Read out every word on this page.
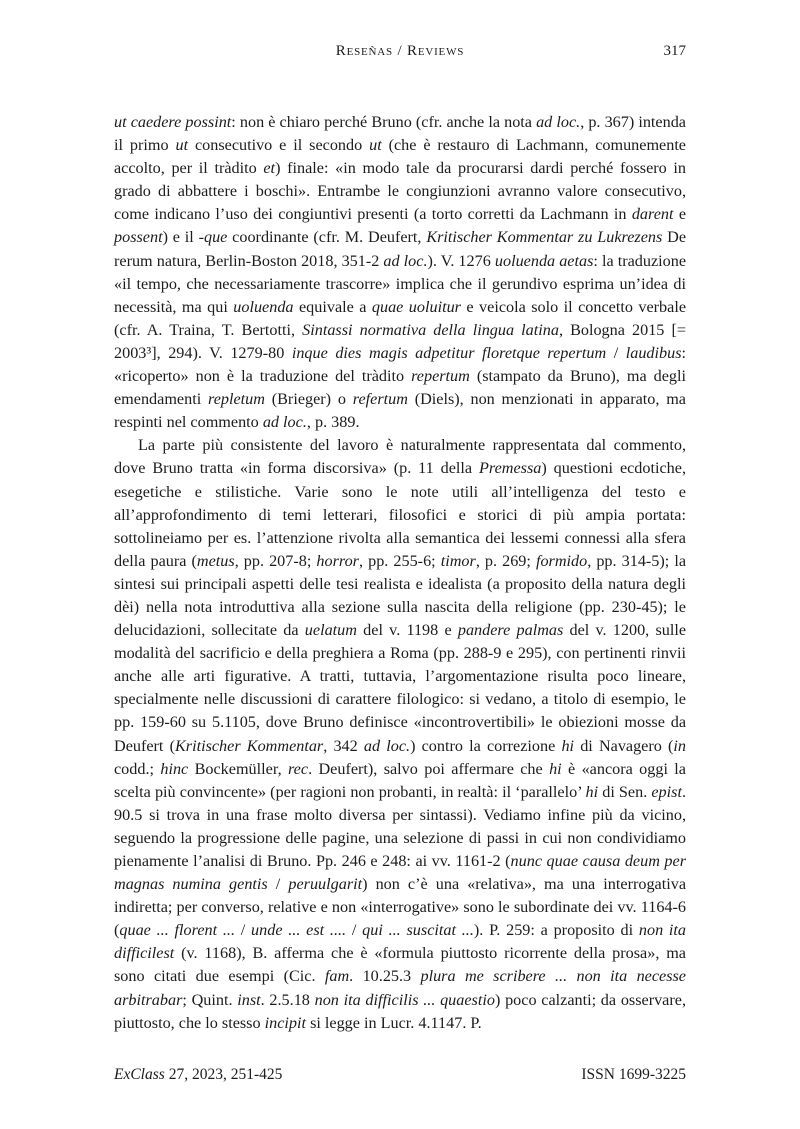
Reseñas / Reviews	317

ut caedere possint: non è chiaro perché Bruno (cfr. anche la nota ad loc., p. 367) intenda il primo ut consecutivo e il secondo ut (che è restauro di Lachmann, comunemente accolto, per il tràdito et) finale: «in modo tale da procurarsi dardi perché fossero in grado di abbattere i boschi». Entrambe le congiunzioni avranno valore consecutivo, come indicano l’uso dei congiuntivi presenti (a torto corretti da Lachmann in darent e possent) e il -que coordinante (cfr. M. Deufert, Kritischer Kommentar zu Lukrezens De rerum natura, Berlin-Boston 2018, 351-2 ad loc.). V. 1276 uoluenda aetas: la traduzione «il tempo, che necessariamente trascorre» implica che il gerundivo esprima un’idea di necessità, ma qui uoluenda equivale a quae uoluitur e veicola solo il concetto verbale (cfr. A. Traina, T. Bertotti, Sintassi normativa della lingua latina, Bologna 2015 [= 2003³], 294). V. 1279-80 inque dies magis adpetitur floretque repertum / laudibus: «ricoperto» non è la traduzione del tràdito repertum (stampato da Bruno), ma degli emendamenti repletum (Brieger) o refertum (Diels), non menzionati in apparato, ma respinti nel commento ad loc., p. 389.

La parte più consistente del lavoro è naturalmente rappresentata dal commento, dove Bruno tratta «in forma discorsiva» (p. 11 della Premessa) questioni ecdotiche, esegetiche e stilistiche. Varie sono le note utili all’intelligenza del testo e all’approfondimento di temi letterari, filosofici e storici di più ampia portata: sottolineiamo per es. l’attenzione rivolta alla semantica dei lessemi connessi alla sfera della paura (metus, pp. 207-8; horror, pp. 255-6; timor, p. 269; formido, pp. 314-5); la sintesi sui principali aspetti delle tesi realista e idealista (a proposito della natura degli dèi) nella nota introduttiva alla sezione sulla nascita della religione (pp. 230-45); le delucidazioni, sollecitate da uelatum del v. 1198 e pandere palmas del v. 1200, sulle modalità del sacrificio e della preghiera a Roma (pp. 288-9 e 295), con pertinenti rinvii anche alle arti figurative. A tratti, tuttavia, l’argomentazione risulta poco lineare, specialmente nelle discussioni di carattere filologico: si vedano, a titolo di esempio, le pp. 159-60 su 5.1105, dove Bruno definisce «incontrovertibili» le obiezioni mosse da Deufert (Kritischer Kommentar, 342 ad loc.) contro la correzione hi di Navagero (in codd.; hinc Bockemüller, rec. Deufert), salvo poi affermare che hi è «ancora oggi la scelta più convincente» (per ragioni non probanti, in realtà: il ‘parallelo’ hi di Sen. epist. 90.5 si trova in una frase molto diversa per sintassi). Vediamo infine più da vicino, seguendo la progressione delle pagine, una selezione di passi in cui non condividiamo pienamente l’analisi di Bruno. Pp. 246 e 248: ai vv. 1161-2 (nunc quae causa deum per magnas numina gentis / peruulgarit) non c’è una «relativa», ma una interrogativa indiretta; per converso, relative e non «interrogative» sono le subordinate dei vv. 1164-6 (quae ... florent ... / unde ... est .... / qui ... suscitat ...). P. 259: a proposito di non ita difficilest (v. 1168), B. afferma che è «formula piuttosto ricorrente della prosa», ma sono citati due esempi (Cic. fam. 10.25.3 plura me scribere ... non ita necesse arbitrabar; Quint. inst. 2.5.18 non ita difficilis ... quaestio) poco calzanti; da osservare, piuttosto, che lo stesso incipit si legge in Lucr. 4.1147. P.

ExClass 27, 2023, 251-425	ISSN 1699-3225
